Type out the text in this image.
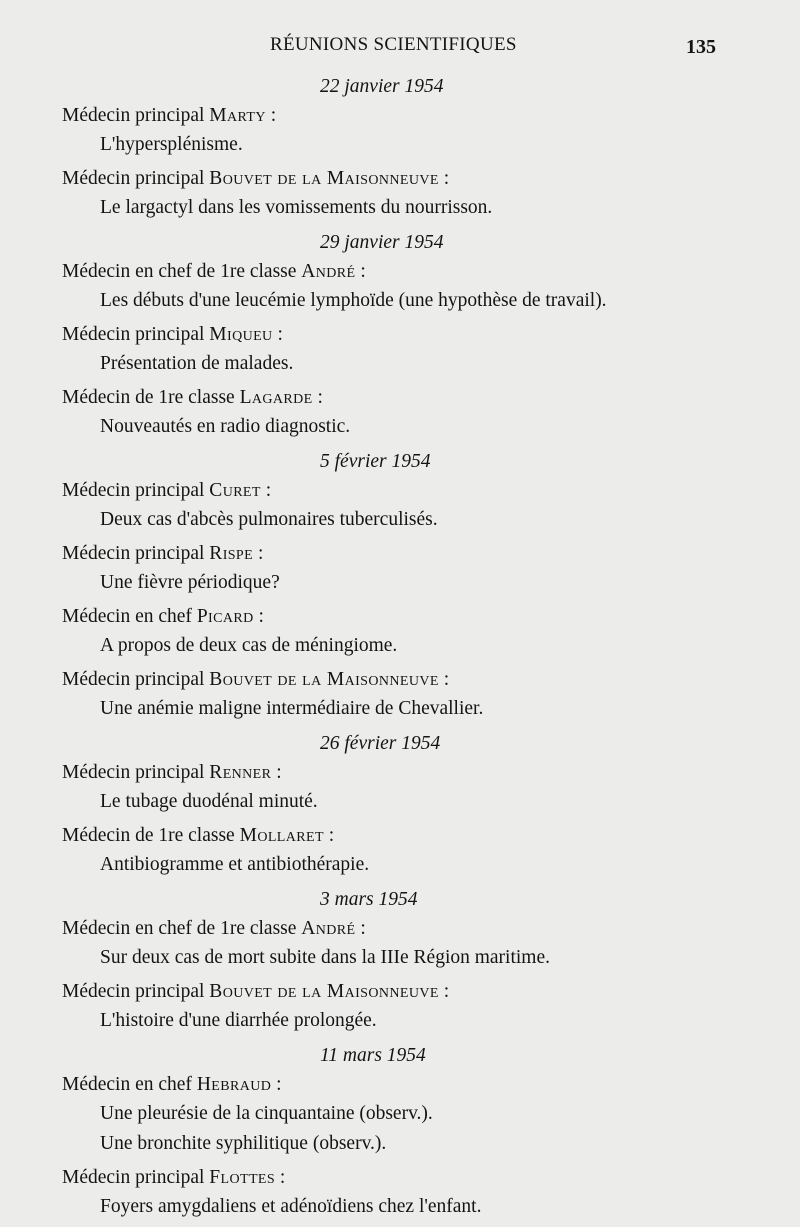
RÉUNIONS SCIENTIFIQUES	135
22 janvier 1954
Médecin principal Marty :
L'hypersplénisme.
Médecin principal Bouvet de la Maisonneuve :
Le largactyl dans les vomissements du nourrisson.
29 janvier 1954
Médecin en chef de 1re classe André :
Les débuts d'une leucémie lymphoïde (une hypothèse de travail).
Médecin principal Miqueu :
Présentation de malades.
Médecin de 1re classe Lagarde :
Nouveautés en radio diagnostic.
5 février 1954
Médecin principal Curet :
Deux cas d'abcès pulmonaires tuberculisés.
Médecin principal Rispe :
Une fièvre périodique?
Médecin en chef Picard :
A propos de deux cas de méningiome.
Médecin principal Bouvet de la Maisonneuve :
Une anémie maligne intermédiaire de Chevallier.
26 février 1954
Médecin principal Renner :
Le tubage duodénal minuté.
Médecin de 1re classe Mollaret :
Antibiogramme et antibiothérapie.
3 mars 1954
Médecin en chef de 1re classe André :
Sur deux cas de mort subite dans la IIIe Région maritime.
Médecin principal Bouvet de la Maisonneuve :
L'histoire d'une diarrhée prolongée.
11 mars 1954
Médecin en chef Hebraud :
Une pleurésie de la cinquantaine (observ.).
Une bronchite syphilitique (observ.).
Médecin principal Flottes :
Foyers amygdaliens et adénoïdiens chez l'enfant.
